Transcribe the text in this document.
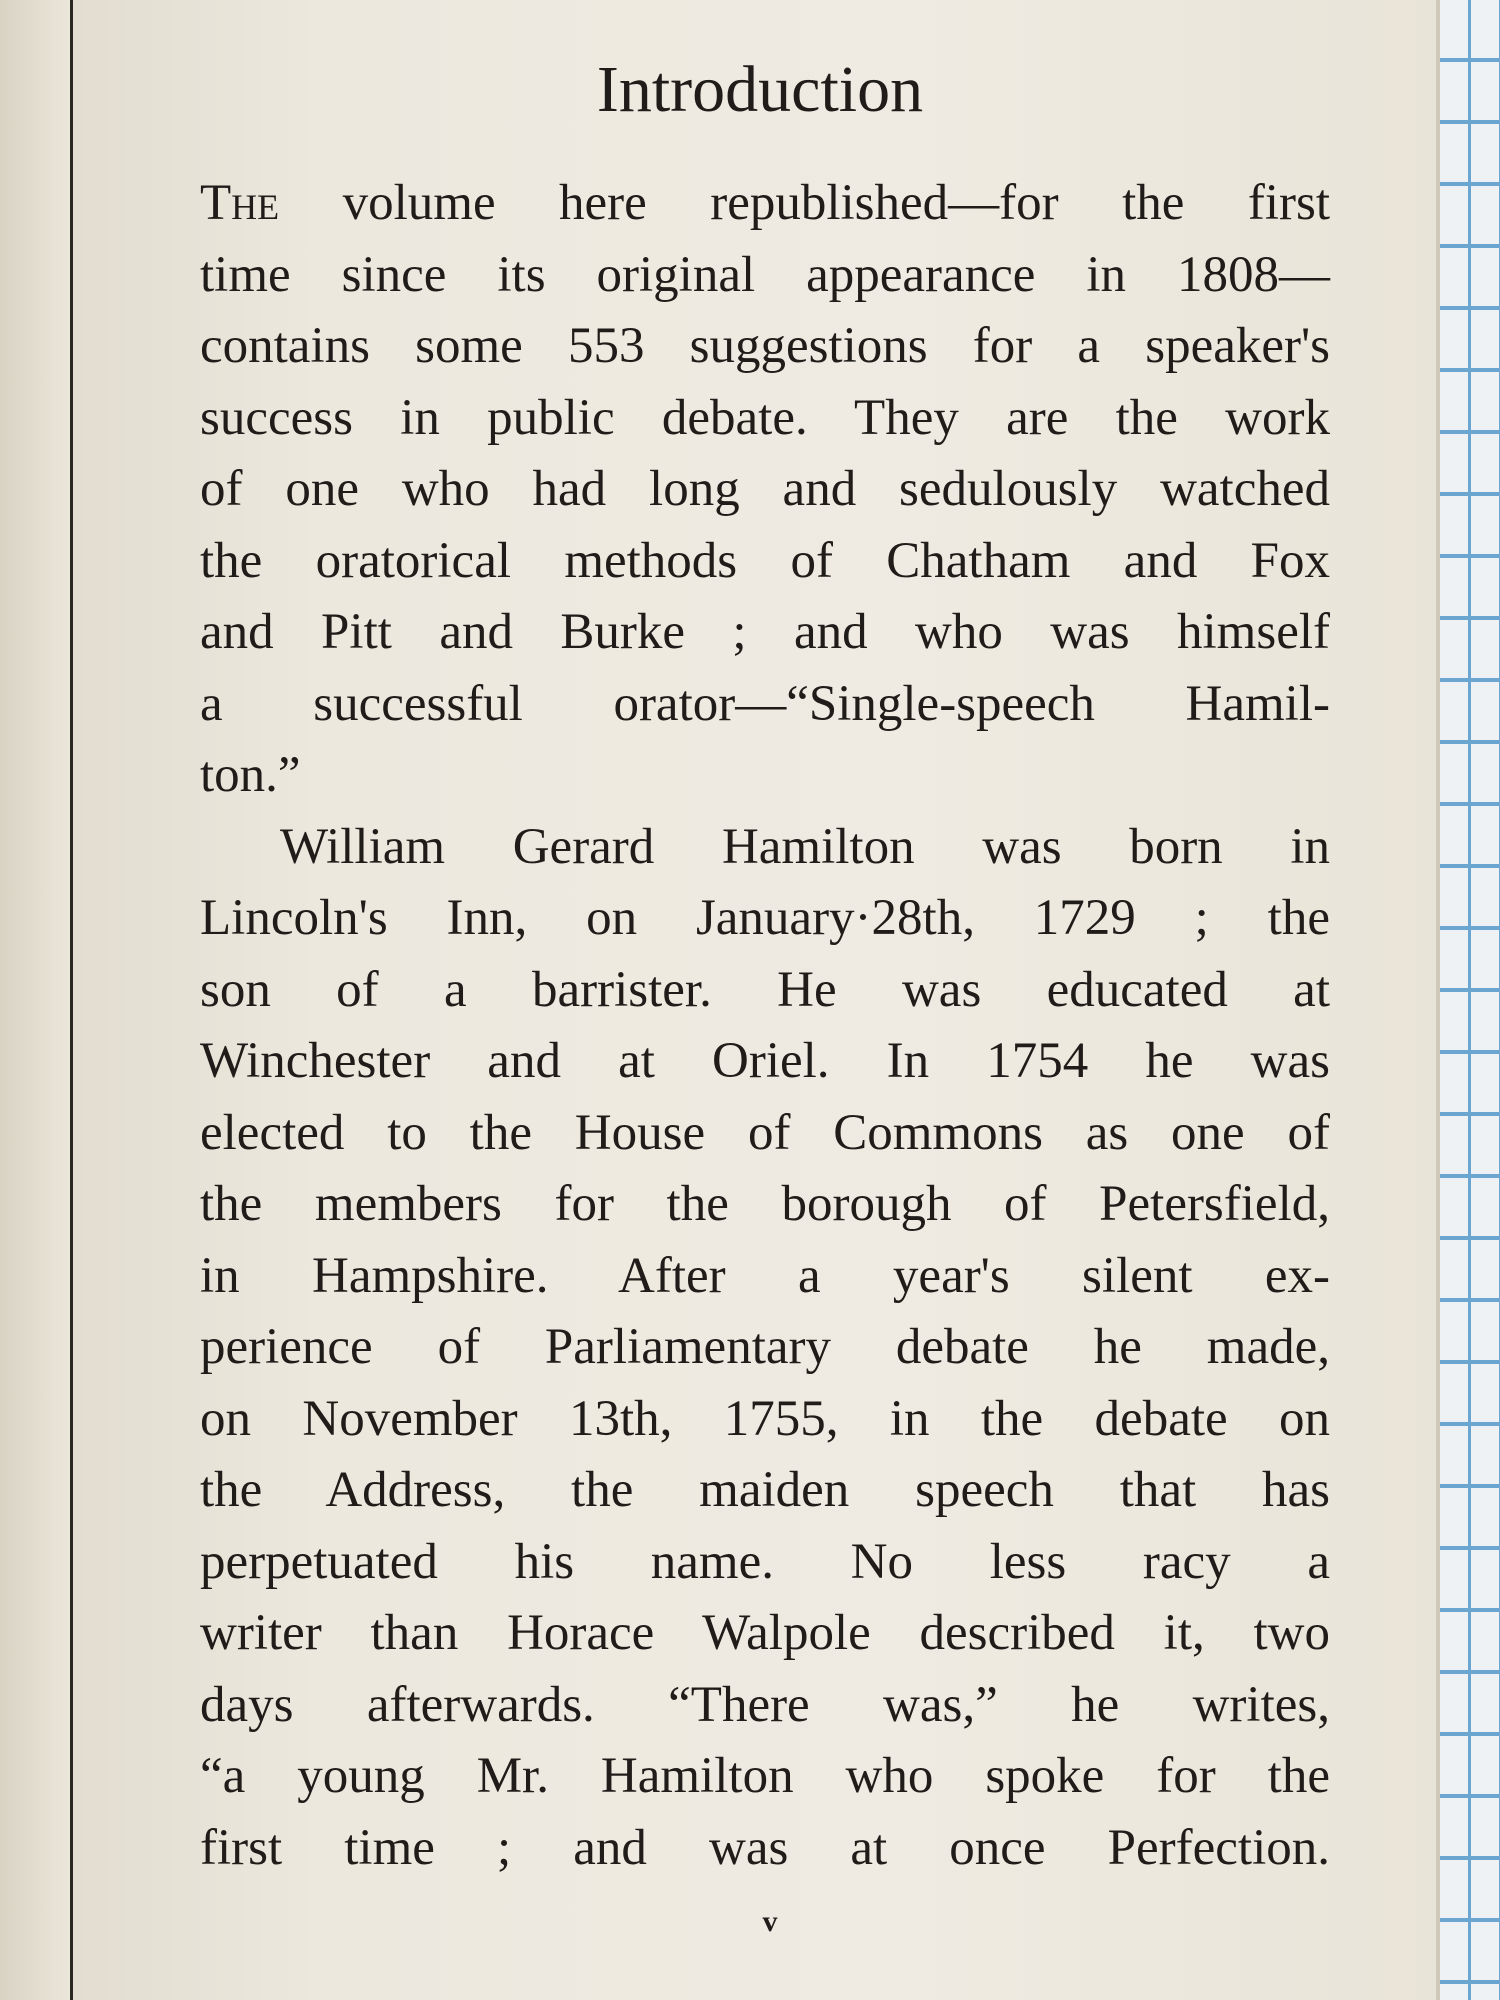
Introduction
The volume here republished—for the first
time since its original appearance in 1808—
contains some 553 suggestions for a speaker's
success in public debate. They are the work
of one who had long and sedulously watched
the oratorical methods of Chatham and Fox
and Pitt and Burke ; and who was himself
a successful orator—“Single-speech Hamil-
ton.”
William Gerard Hamilton was born in
Lincoln's Inn, on January·28th, 1729 ; the
son of a barrister. He was educated at
Winchester and at Oriel. In 1754 he was
elected to the House of Commons as one of
the members for the borough of Petersfield,
in Hampshire. After a year's silent ex-
perience of Parliamentary debate he made,
on November 13th, 1755, in the debate on
the Address, the maiden speech that has
perpetuated his name. No less racy a
writer than Horace Walpole described it, two
days afterwards. “There was,” he writes,
“a young Mr. Hamilton who spoke for the
first time ; and was at once Perfection.
v
